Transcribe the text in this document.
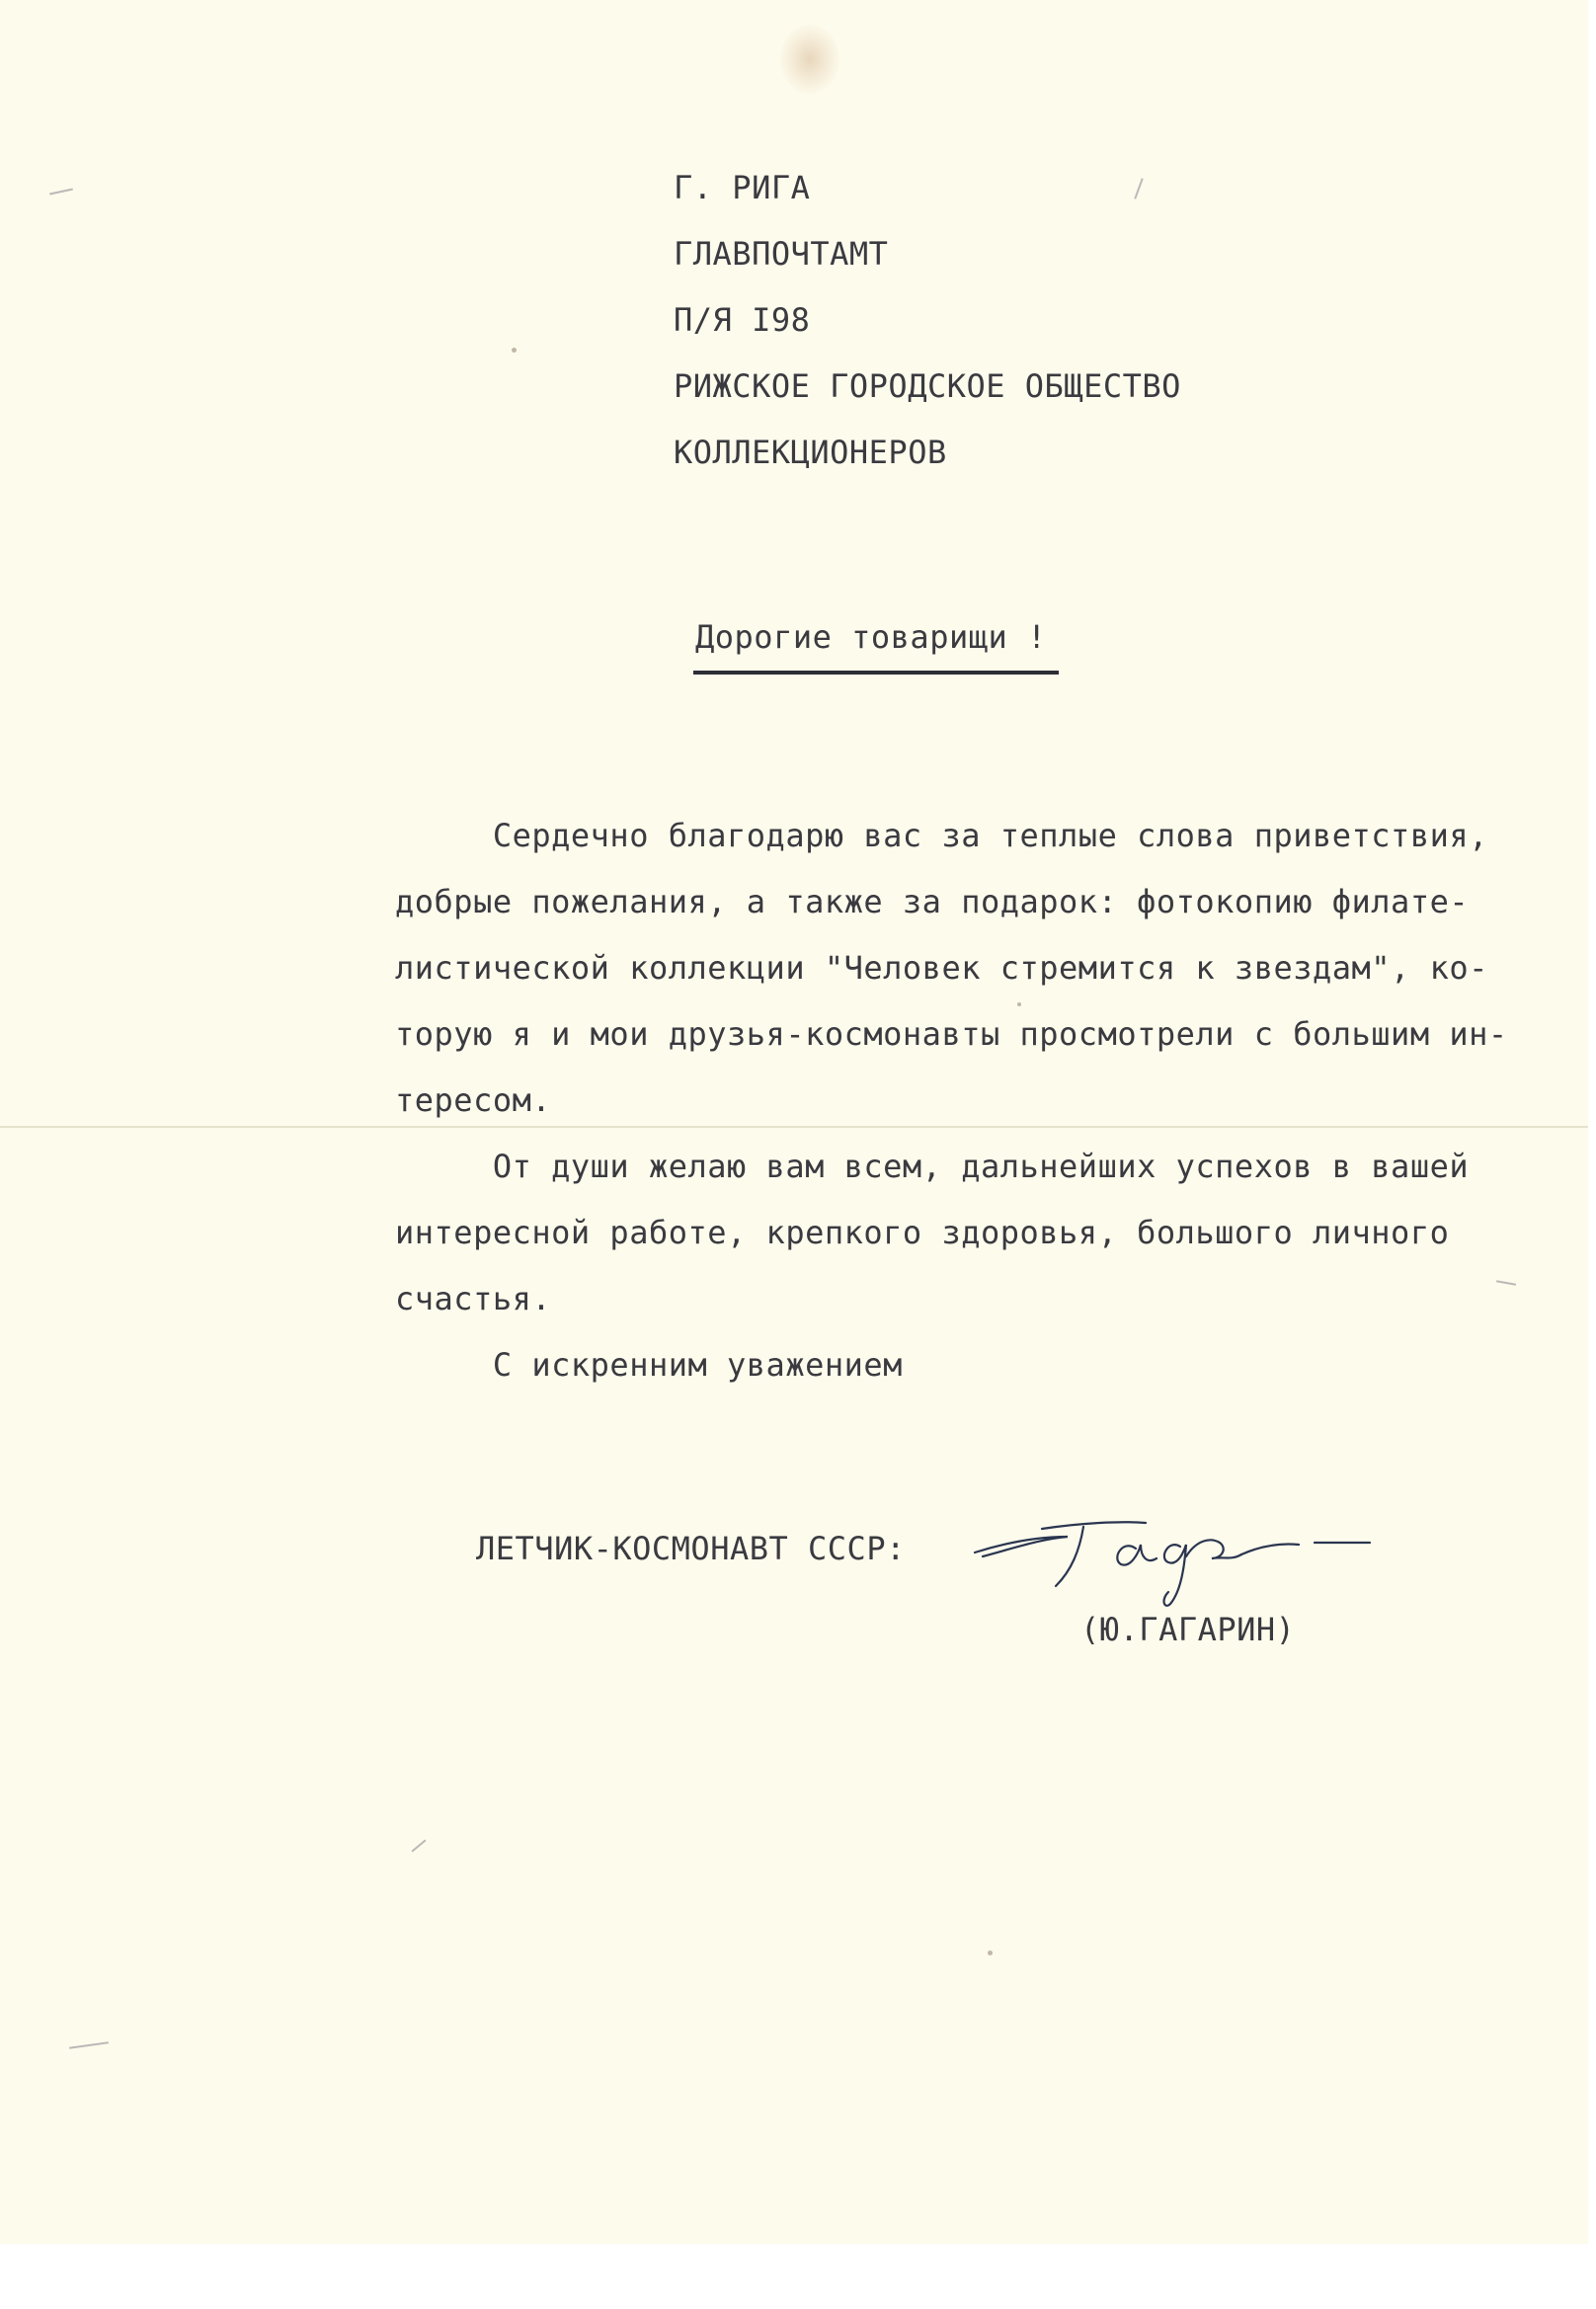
Г. РИГА

ГЛАВПОЧТАМТ

П/Я I98

РИЖСКОЕ ГОРОДСКОЕ ОБЩЕСТВО

КОЛЛЕКЦИОНЕРОВ

Дорогие товарищи !

Сердечно благодарю вас за теплые слова приветствия,

добрые пожелания, а также за подарок: фотокопию филате-

листической коллекции "Человек стремится к звездам", ко-

торую я и мои друзья-космонавты просмотрели с большим ин-

тересом.

От души желаю вам всем, дальнейших успехов в вашей

интересной работе, крепкого здоровья, большого личного

счастья.

С искренним уважением

ЛЕТЧИК-КОСМОНАВТ СССР:

(Ю.ГАГАРИН)
